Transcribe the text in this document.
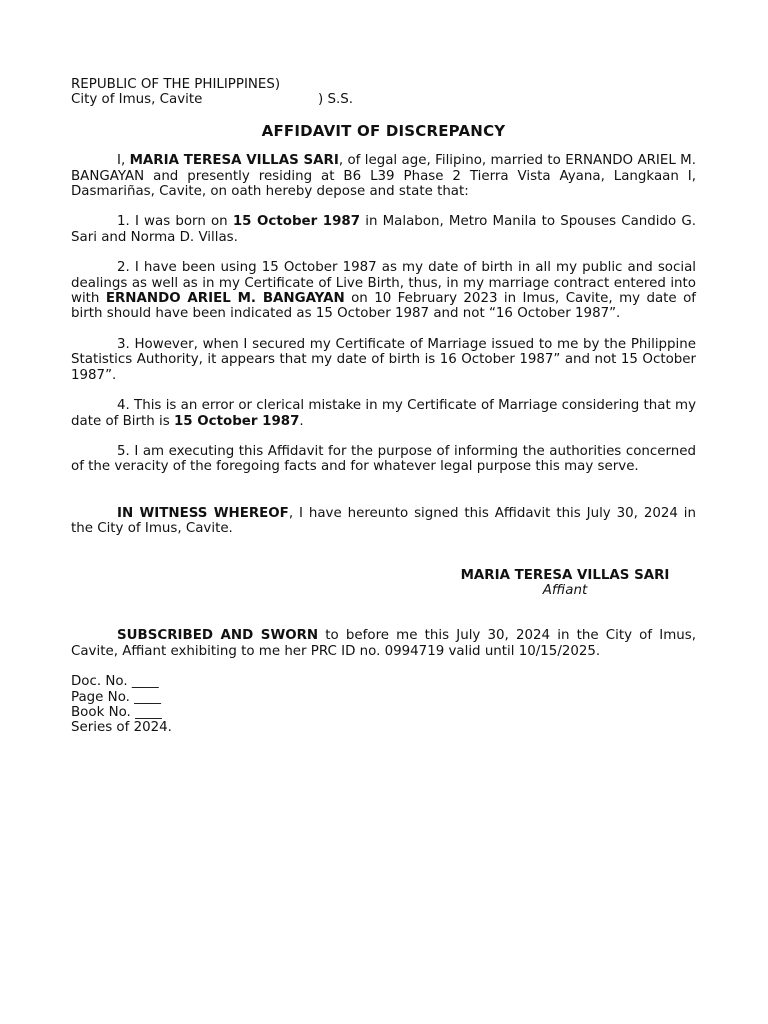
REPUBLIC OF THE PHILIPPINES)
City of Imus, Cavite	) S.S.
AFFIDAVIT OF DISCREPANCY

I, MARIA TERESA VILLAS SARI, of legal age, Filipino, married to ERNANDO ARIEL M. BANGAYAN and presently residing at B6 L39 Phase 2 Tierra Vista Ayana, Langkaan I, Dasmariñas, Cavite, on oath hereby depose and state that:

1. I was born on 15 October 1987 in Malabon, Metro Manila to Spouses Candido G. Sari and Norma D. Villas.

2. I have been using 15 October 1987 as my date of birth in all my public and social dealings as well as in my Certificate of Live Birth, thus, in my marriage contract entered into with ERNANDO ARIEL M. BANGAYAN on 10 February 2023 in Imus, Cavite, my date of birth should have been indicated as 15 October 1987 and not “16 October 1987”.

3. However, when I secured my Certificate of Marriage issued to me by the Philippine Statistics Authority, it appears that my date of birth is 16 October 1987” and not 15 October 1987”.

4. This is an error or clerical mistake in my Certificate of Marriage considering that my date of Birth is 15 October 1987.

5. I am executing this Affidavit for the purpose of informing the authorities concerned of the veracity of the foregoing facts and for whatever legal purpose this may serve.

IN WITNESS WHEREOF, I have hereunto signed this Affidavit this July 30, 2024 in the City of Imus, Cavite.

MARIA TERESA VILLAS SARI
Affiant

SUBSCRIBED AND SWORN to before me this July 30, 2024 in the City of Imus, Cavite, Affiant exhibiting to me her PRC ID no. 0994719 valid until 10/15/2025.

Doc. No. ____
Page No. ____
Book No. ____
Series of 2024.
